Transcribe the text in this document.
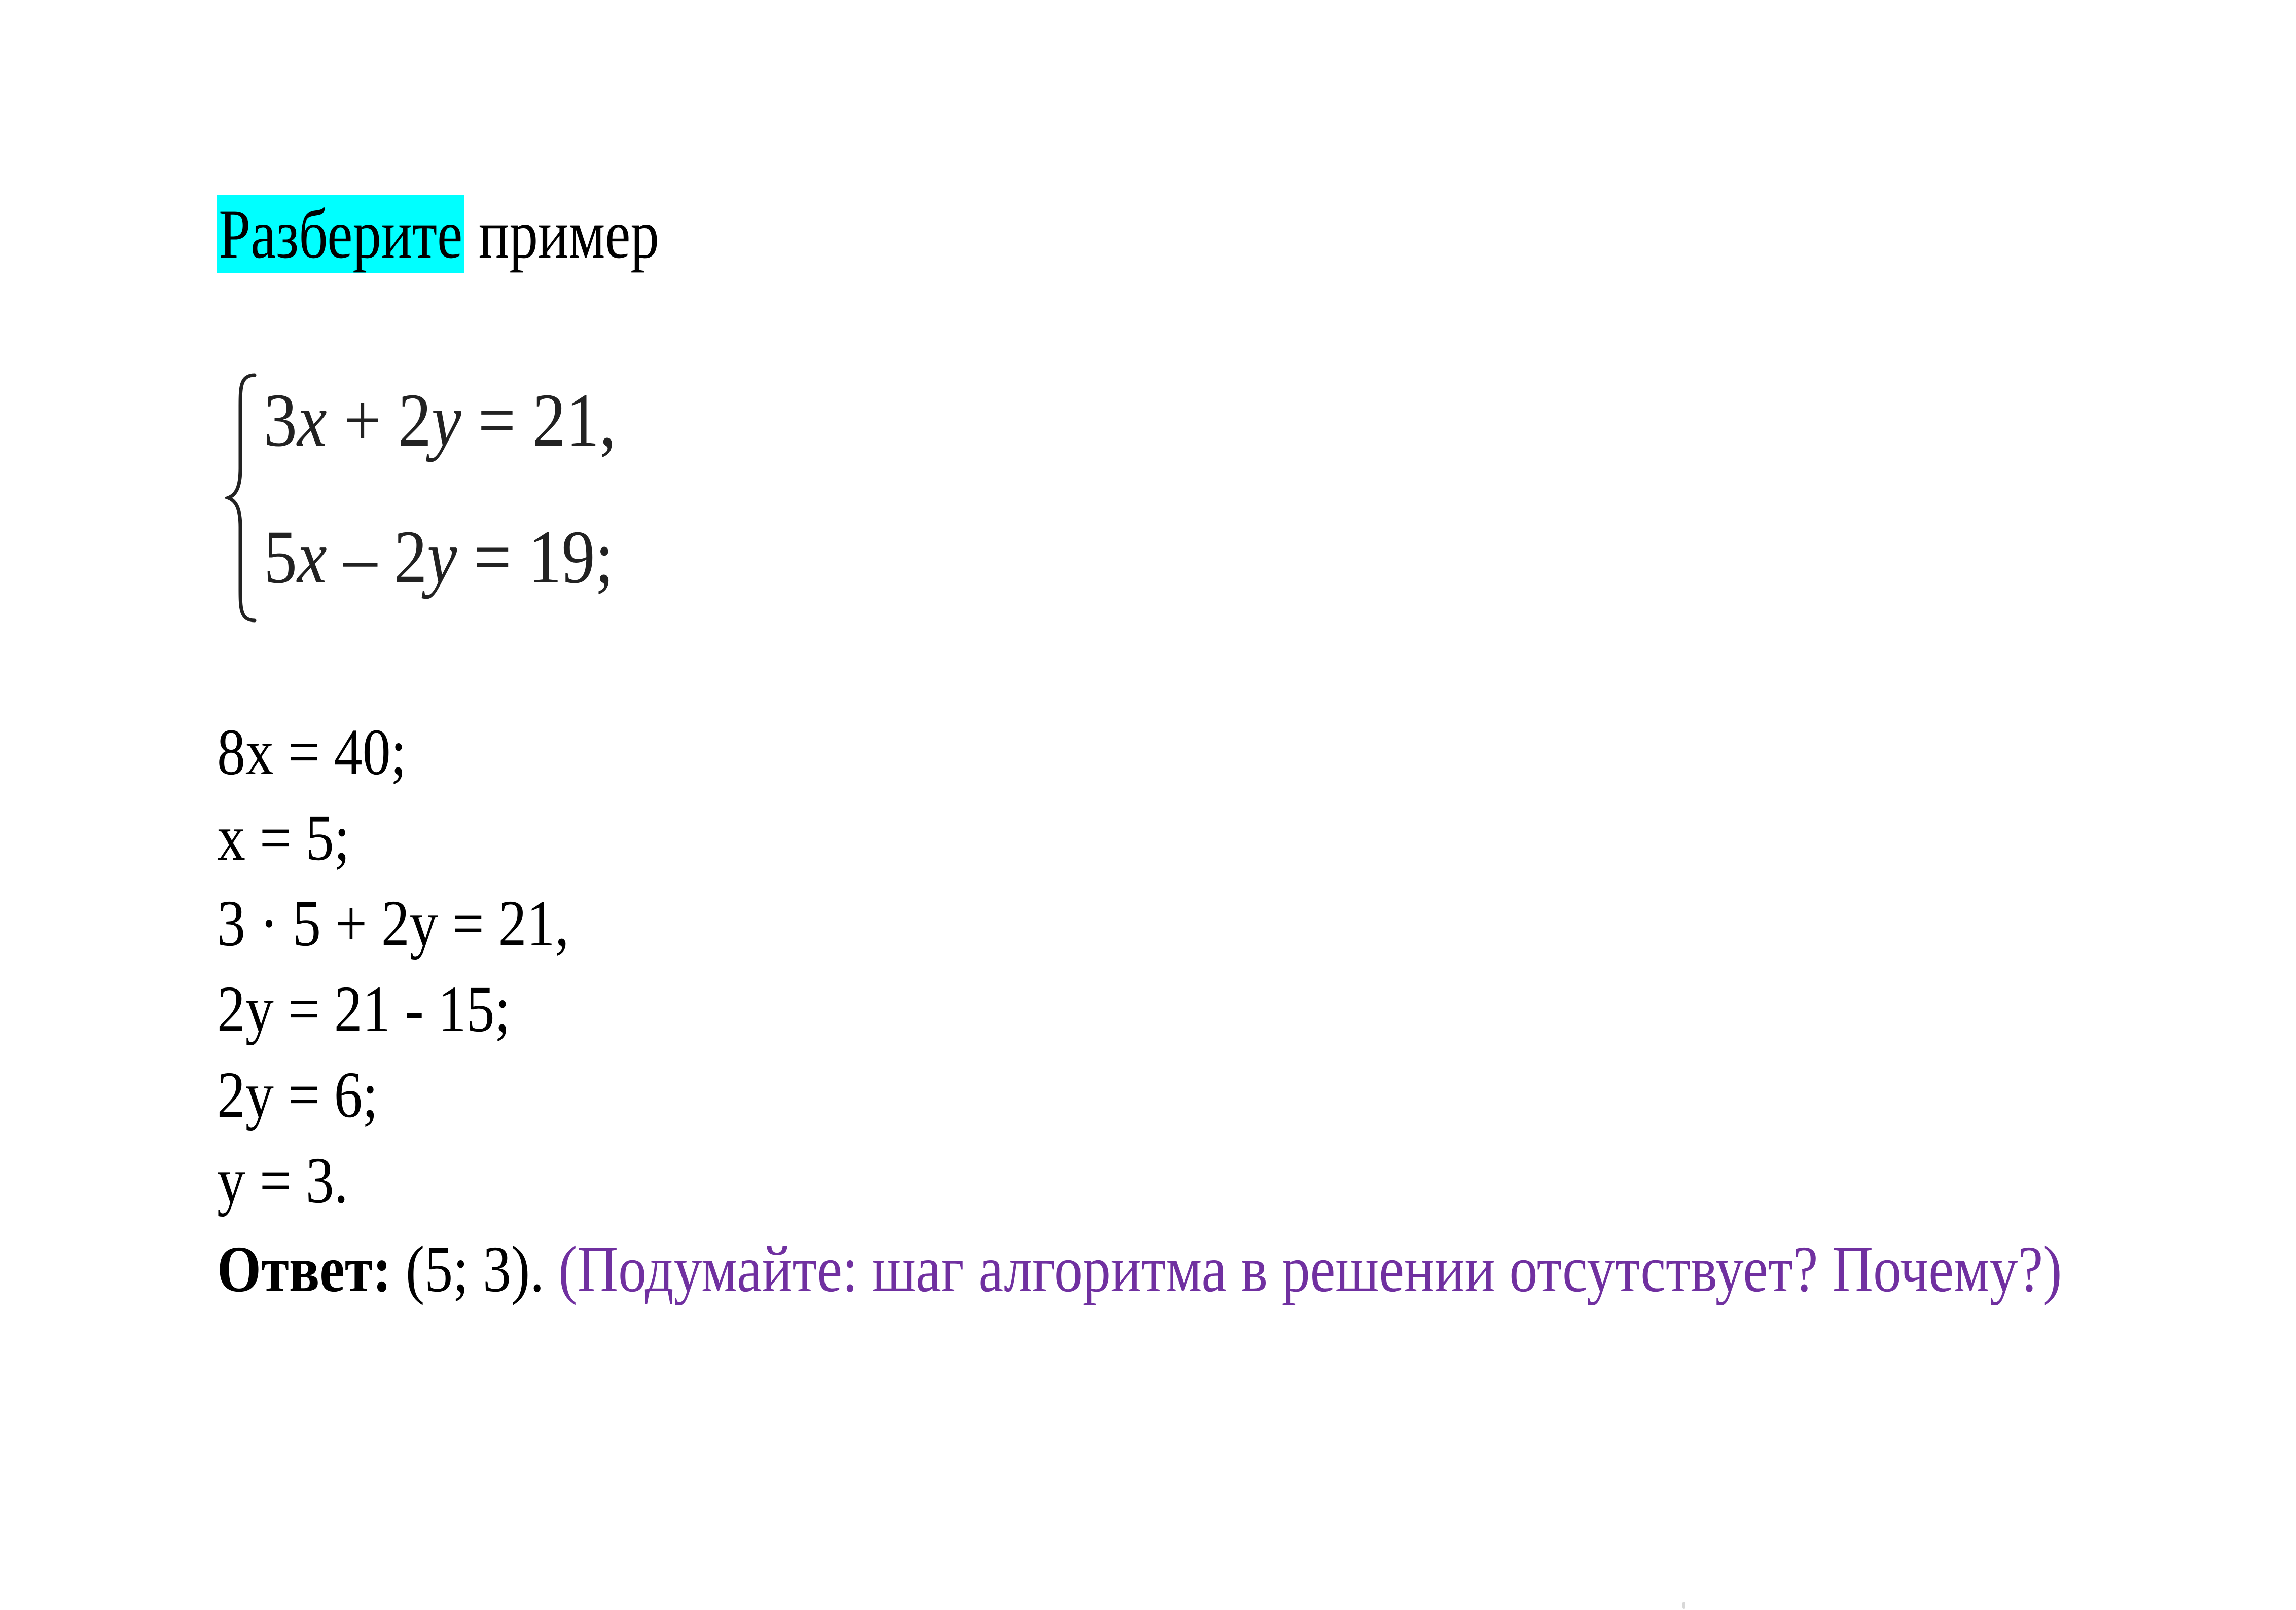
Разберите пример
3x + 2y = 21,
5x – 2y = 19;
8x = 40;
x = 5;
3 · 5 + 2y = 21,
2y = 21 - 15;
2y = 6;
y = 3.
Ответ: (5; 3). (Подумайте: шаг алгоритма в решении отсутствует? Почему?)
